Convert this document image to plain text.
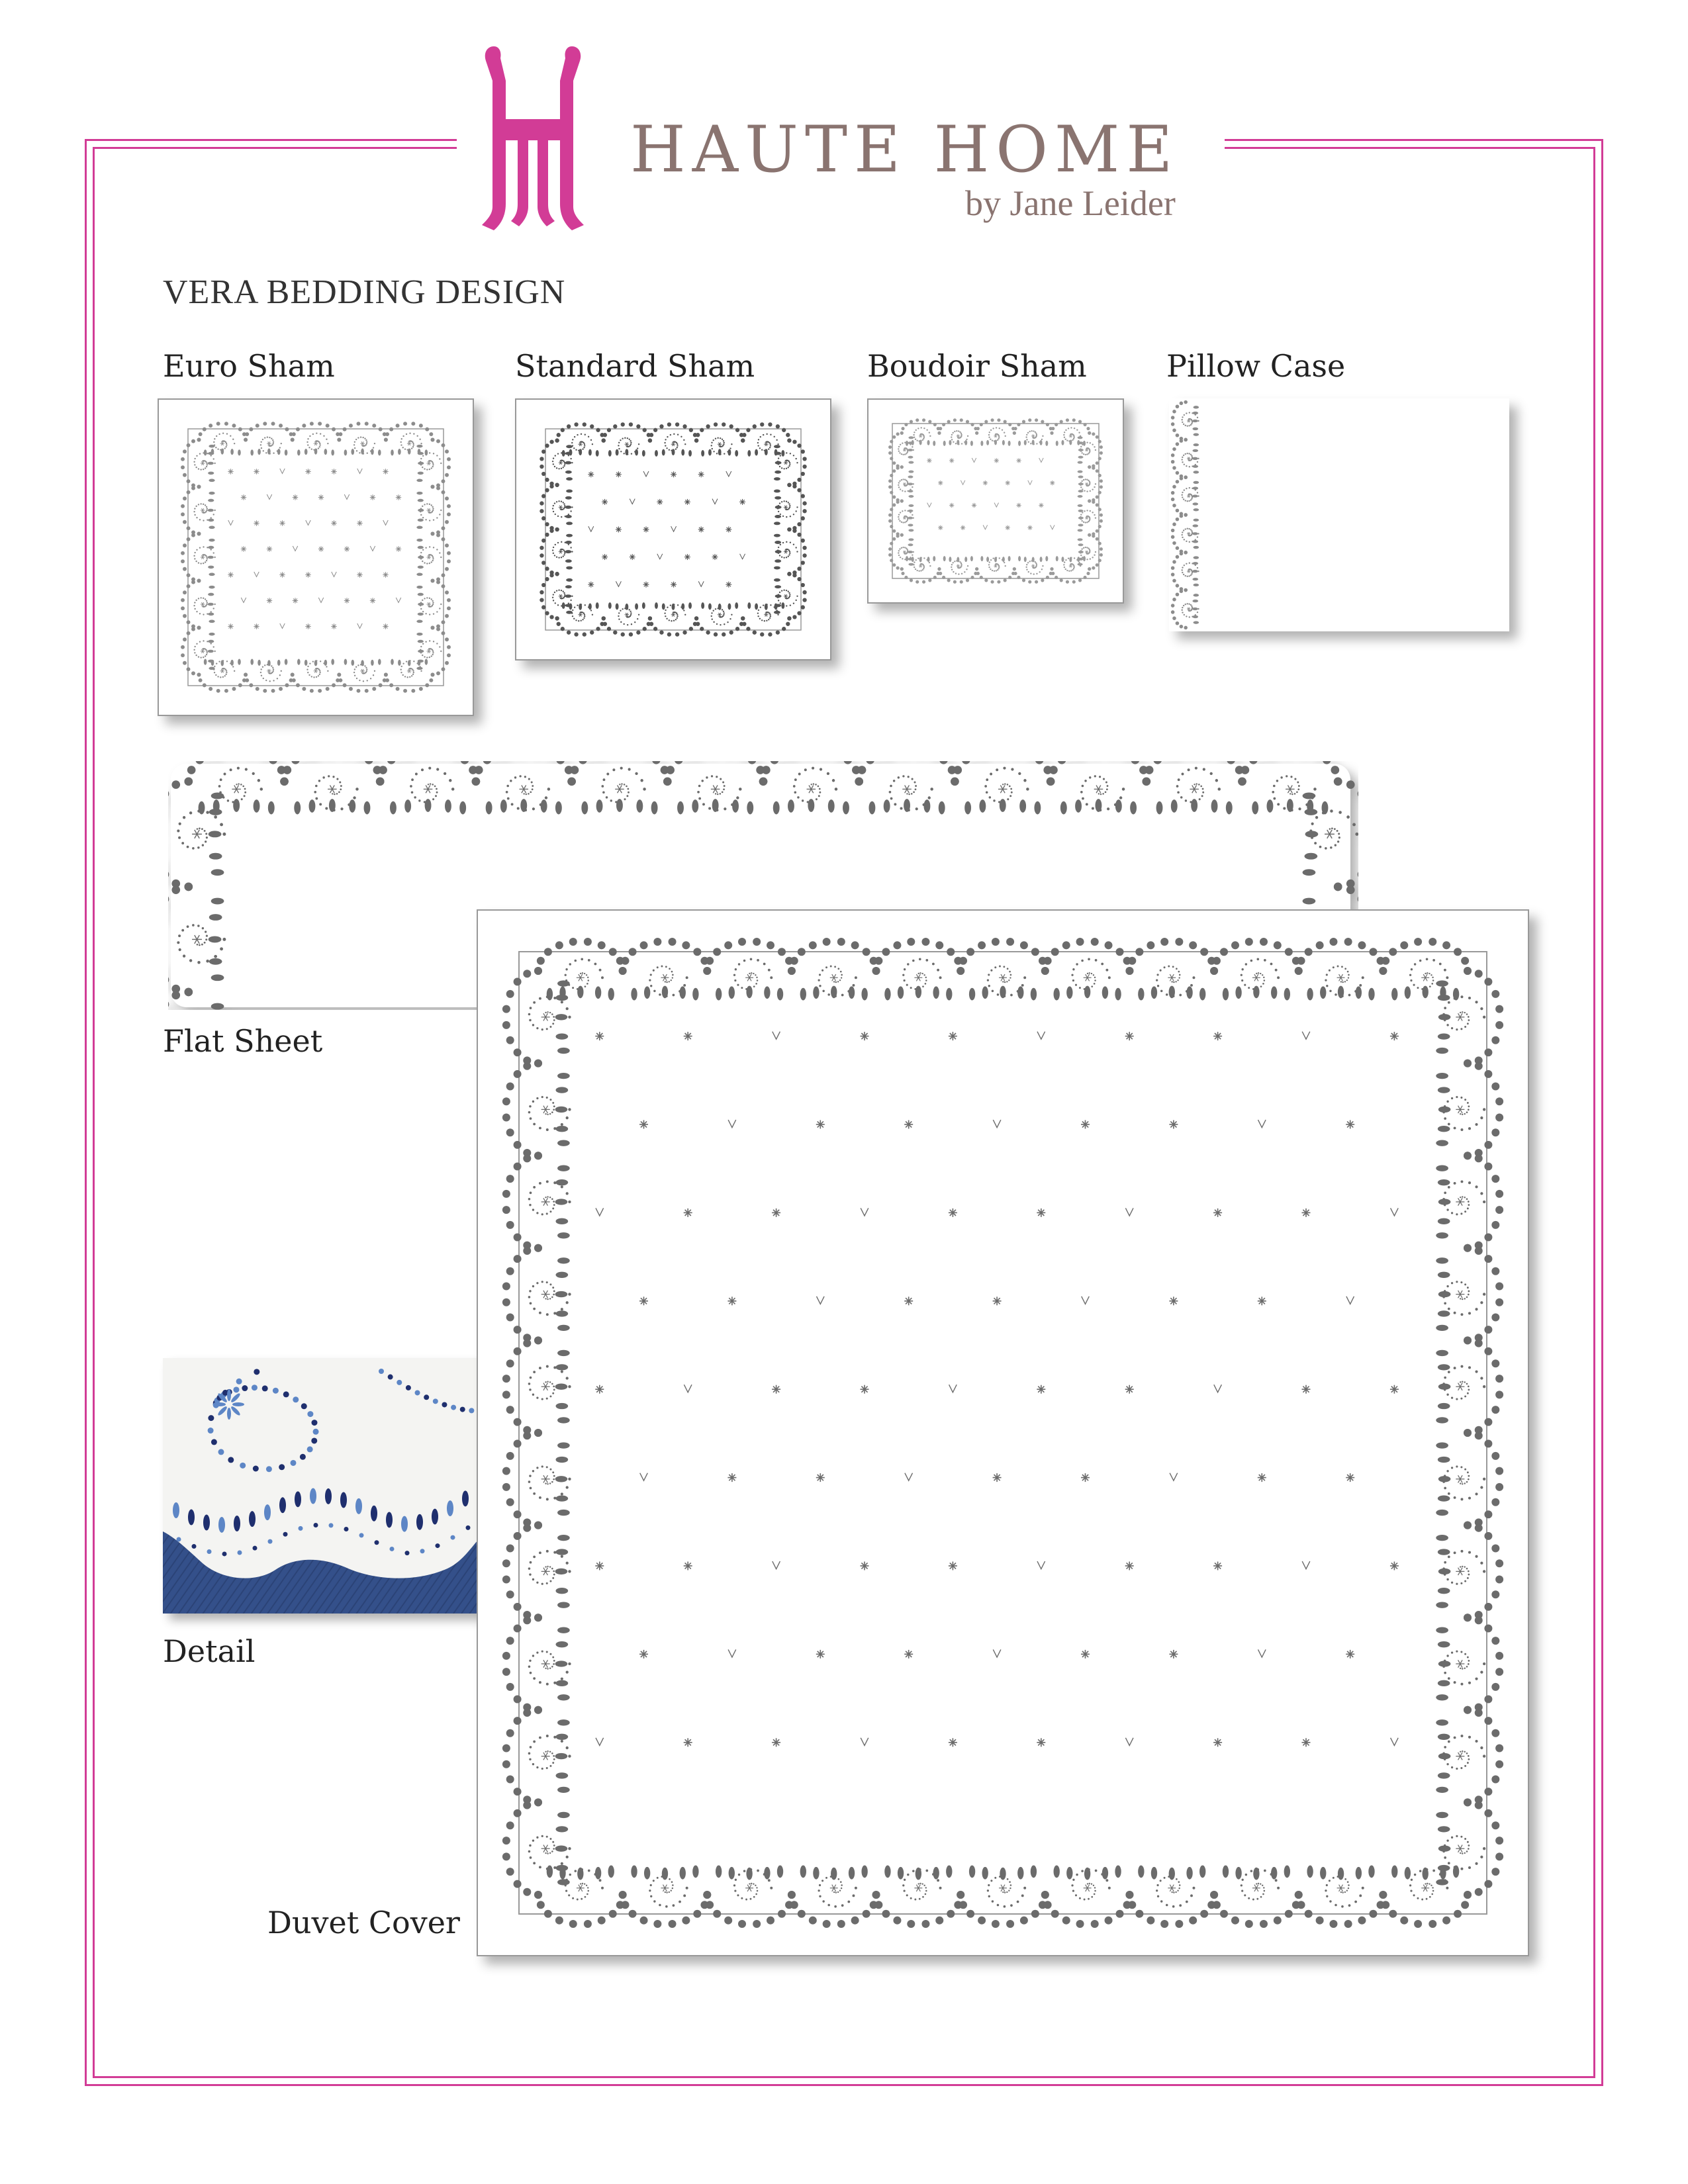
HAUTE HOME
by Jane Leider
VERA BEDDING DESIGN
Euro Sham	Standard Sham	Boudoir Sham	Pillow Case
Flat Sheet
Detail
Duvet Cover
